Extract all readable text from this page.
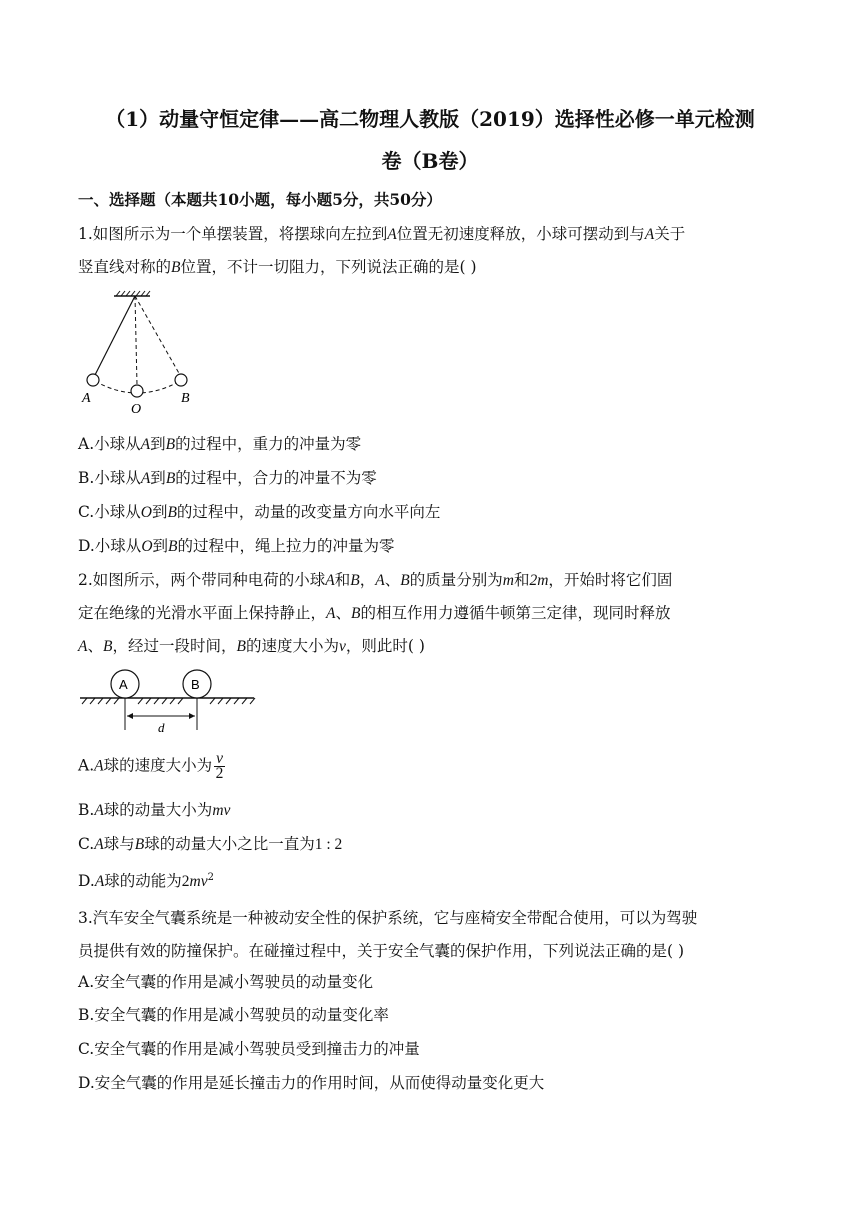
（1）动量守恒定律——高二物理人教版（2019）选择性必修一单元检测
卷（B卷）
一、选择题（本题共10小题，每小题5分，共50分）
1.如图所示为一个单摆装置，将摆球向左拉到A位置无初速度释放，小球可摆动到与A关于
竖直线对称的B位置，不计一切阻力，下列说法正确的是( )
A
O
B
A.小球从A到B的过程中，重力的冲量为零
B.小球从A到B的过程中，合力的冲量不为零
C.小球从O到B的过程中，动量的改变量方向水平向左
D.小球从O到B的过程中，绳上拉力的冲量为零
2.如图所示，两个带同种电荷的小球A和B，A、B的质量分别为m和2m，开始时将它们固
定在绝缘的光滑水平面上保持静止，A、B的相互作用力遵循牛顿第三定律，现同时释放
A、B，经过一段时间，B的速度大小为v，则此时( )
A	B
d
A.A球的速度大小为 $\frac{v}{2}$
B.A球的动量大小为mv
C.A球与B球的动量大小之比一直为1 : 2
D.A球的动能为$2mv^2$
3.汽车安全气囊系统是一种被动安全性的保护系统，它与座椅安全带配合使用，可以为驾驶
员提供有效的防撞保护。在碰撞过程中，关于安全气囊的保护作用，下列说法正确的是( )
A.安全气囊的作用是减小驾驶员的动量变化
B.安全气囊的作用是减小驾驶员的动量变化率
C.安全气囊的作用是减小驾驶员受到撞击力的冲量
D.安全气囊的作用是延长撞击力的作用时间，从而使得动量变化更大
